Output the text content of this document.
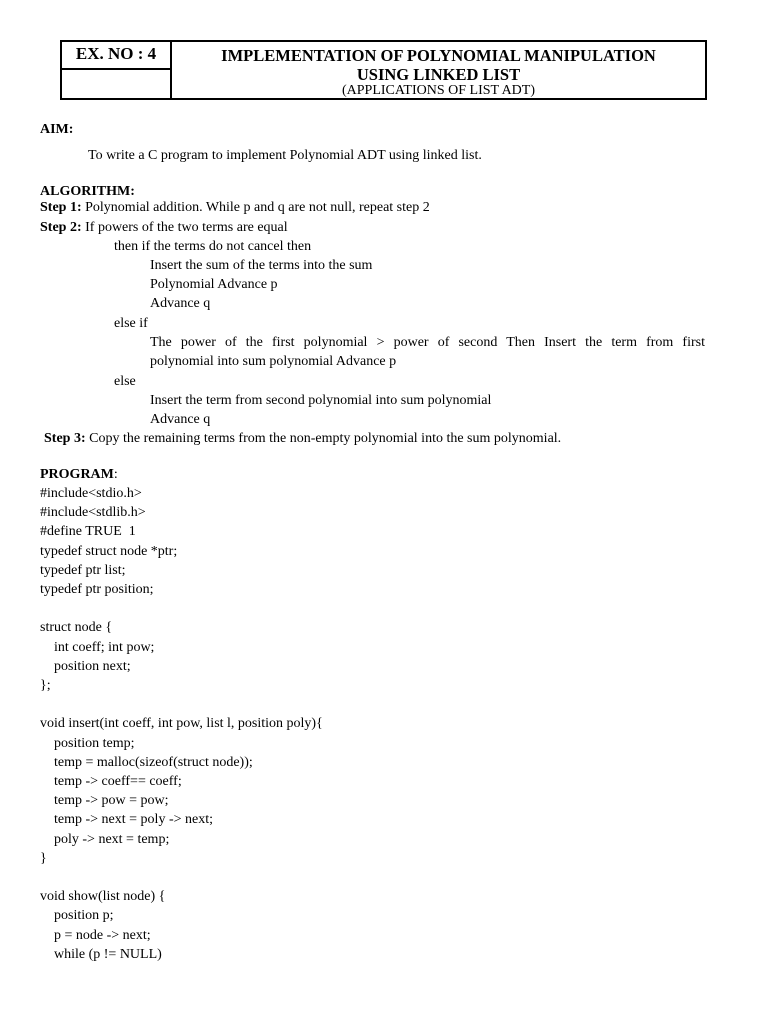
EX. NO : 4	IMPLEMENTATION OF POLYNOMIAL MANIPULATION
USING LINKED LIST
(APPLICATIONS OF LIST ADT)
AIM:
To write a C program to implement Polynomial ADT using linked list.
ALGORITHM:
Step 1: Polynomial addition. While p and q are not null, repeat step 2
Step 2: If powers of the two terms are equal
then if the terms do not cancel then
Insert the sum of the terms into the sum
Polynomial Advance p
Advance q
else if
The power of the first polynomial > power of second Then Insert the term from first
polynomial into sum polynomial Advance p
else
Insert the term from second polynomial into sum polynomial
Advance q
Step 3: Copy the remaining terms from the non-empty polynomial into the sum polynomial.
PROGRAM:
#include<stdio.h>
#include<stdlib.h>
#define TRUE  1
typedef struct node *ptr;
typedef ptr list;
typedef ptr position;
struct node {
int coeff; int pow;
position next;
};
void insert(int coeff, int pow, list l, position poly){
position temp;
temp = malloc(sizeof(struct node));
temp -> coeff== coeff;
temp -> pow = pow;
temp -> next = poly -> next;
poly -> next = temp;
}
void show(list node) {
position p;
p = node -> next;
while (p != NULL)
